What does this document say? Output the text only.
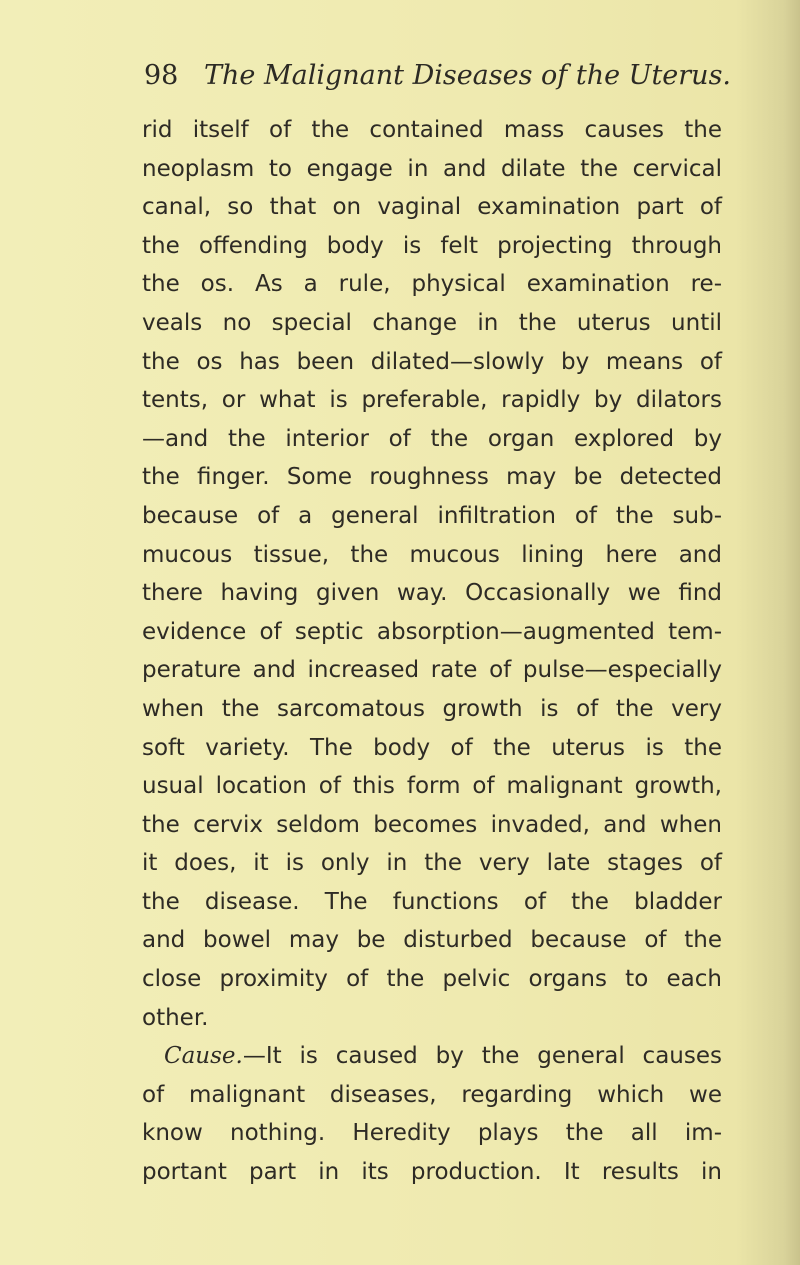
98 The Malignant Diseases of the Uterus.
rid itself of the contained mass causes the
neoplasm to engage in and dilate the cervical
canal, so that on vaginal examination part of
the offending body is felt projecting through
the os. As a rule, physical examination re-
veals no special change in the uterus until
the os has been dilated—slowly by means of
tents, or what is preferable, rapidly by dilators
—and the interior of the organ explored by
the finger. Some roughness may be detected
because of a general infiltration of the sub-
mucous tissue, the mucous lining here and
there having given way. Occasionally we find
evidence of septic absorption—augmented tem-
perature and increased rate of pulse—especially
when the sarcomatous growth is of the very
soft variety. The body of the uterus is the
usual location of this form of malignant growth,
the cervix seldom becomes invaded, and when
it does, it is only in the very late stages of
the disease. The functions of the bladder
and bowel may be disturbed because of the
close proximity of the pelvic organs to each
other.
Cause.—It is caused by the general causes
of malignant diseases, regarding which we
know nothing. Heredity plays the all im-
portant part in its production. It results in
